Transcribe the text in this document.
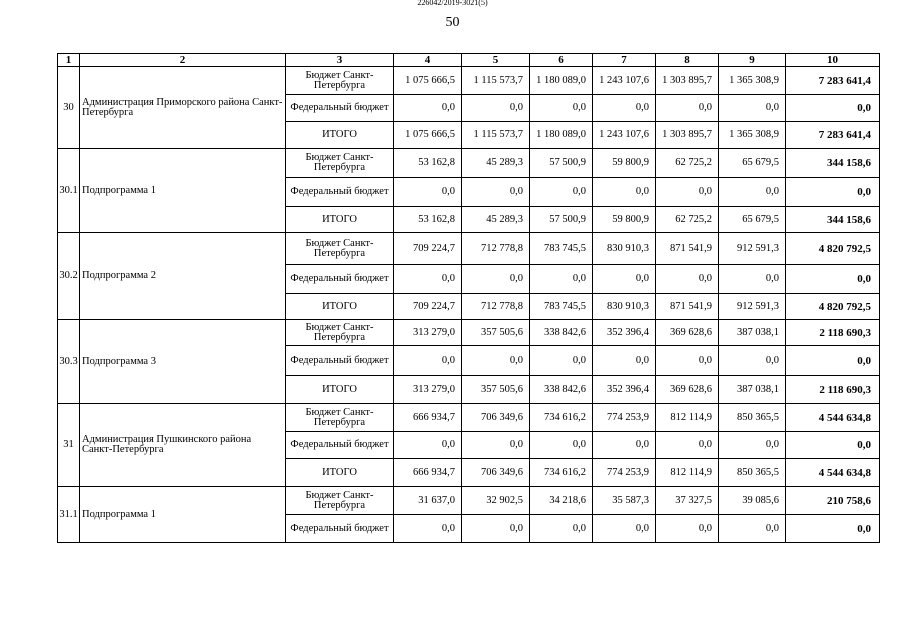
226042/2019-3021(5)
50
1	2	3	4	5	6	7	8	9	10
30	Администрация Приморского района Санкт-Петербурга	Бюджет Санкт-Петербурга	1 075 666,5	1 115 573,7	1 180 089,0	1 243 107,6	1 303 895,7	1 365 308,9	7 283 641,4
		Федеральный бюджет	0,0	0,0	0,0	0,0	0,0	0,0	0,0
		ИТОГО	1 075 666,5	1 115 573,7	1 180 089,0	1 243 107,6	1 303 895,7	1 365 308,9	7 283 641,4
30.1	Подпрограмма 1	Бюджет Санкт-Петербурга	53 162,8	45 289,3	57 500,9	59 800,9	62 725,2	65 679,5	344 158,6
		Федеральный бюджет	0,0	0,0	0,0	0,0	0,0	0,0	0,0
		ИТОГО	53 162,8	45 289,3	57 500,9	59 800,9	62 725,2	65 679,5	344 158,6
30.2	Подпрограмма 2	Бюджет Санкт-Петербурга	709 224,7	712 778,8	783 745,5	830 910,3	871 541,9	912 591,3	4 820 792,5
		Федеральный бюджет	0,0	0,0	0,0	0,0	0,0	0,0	0,0
		ИТОГО	709 224,7	712 778,8	783 745,5	830 910,3	871 541,9	912 591,3	4 820 792,5
30.3	Подпрограмма 3	Бюджет Санкт-Петербурга	313 279,0	357 505,6	338 842,6	352 396,4	369 628,6	387 038,1	2 118 690,3
		Федеральный бюджет	0,0	0,0	0,0	0,0	0,0	0,0	0,0
		ИТОГО	313 279,0	357 505,6	338 842,6	352 396,4	369 628,6	387 038,1	2 118 690,3
31	Администрация Пушкинского района Санкт-Петербурга	Бюджет Санкт-Петербурга	666 934,7	706 349,6	734 616,2	774 253,9	812 114,9	850 365,5	4 544 634,8
		Федеральный бюджет	0,0	0,0	0,0	0,0	0,0	0,0	0,0
		ИТОГО	666 934,7	706 349,6	734 616,2	774 253,9	812 114,9	850 365,5	4 544 634,8
31.1	Подпрограмма 1	Бюджет Санкт-Петербурга	31 637,0	32 902,5	34 218,6	35 587,3	37 327,5	39 085,6	210 758,6
		Федеральный бюджет	0,0	0,0	0,0	0,0	0,0	0,0	0,0
